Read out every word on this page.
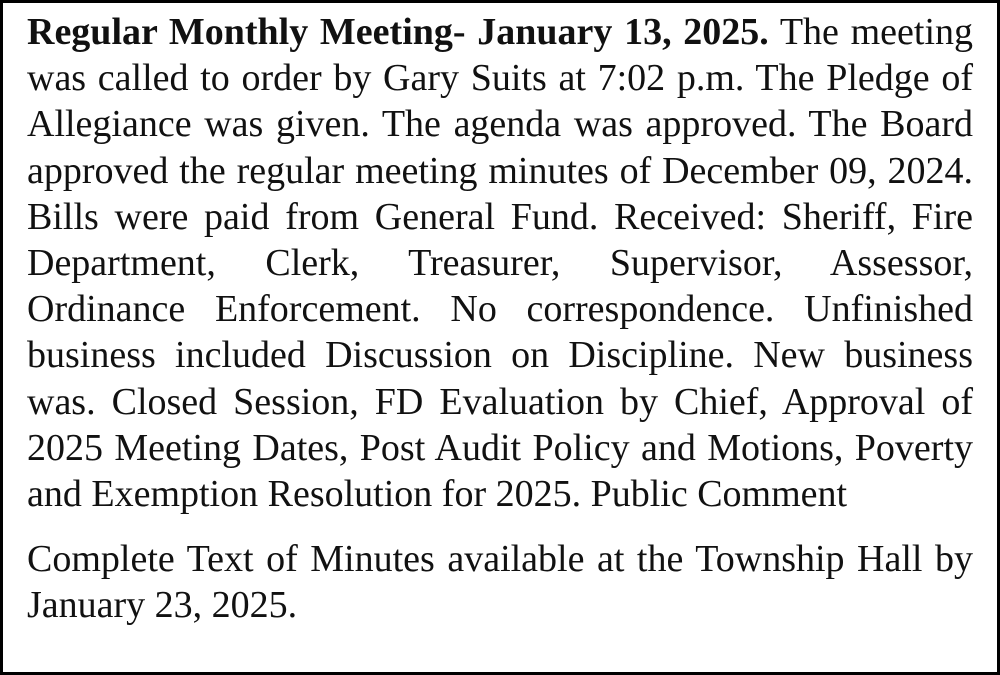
Regular Monthly Meeting- January 13, 2025. The meeting was called to order by Gary Suits at 7:02 p.m. The Pledge of Allegiance was given. The agenda was approved. The Board approved the regular meeting minutes of December 09, 2024. Bills were paid from General Fund. Received: Sheriff, Fire Department, Clerk, Treasurer, Supervisor, Assessor, Ordinance Enforcement. No correspondence. Unfinished business included Discussion on Discipline. New business was. Closed Session, FD Evaluation by Chief, Approval of 2025 Meeting Dates, Post Audit Policy and Motions, Poverty and Exemption Resolution for 2025. Public Comment

Complete Text of Minutes available at the Township Hall by January 23, 2025.
